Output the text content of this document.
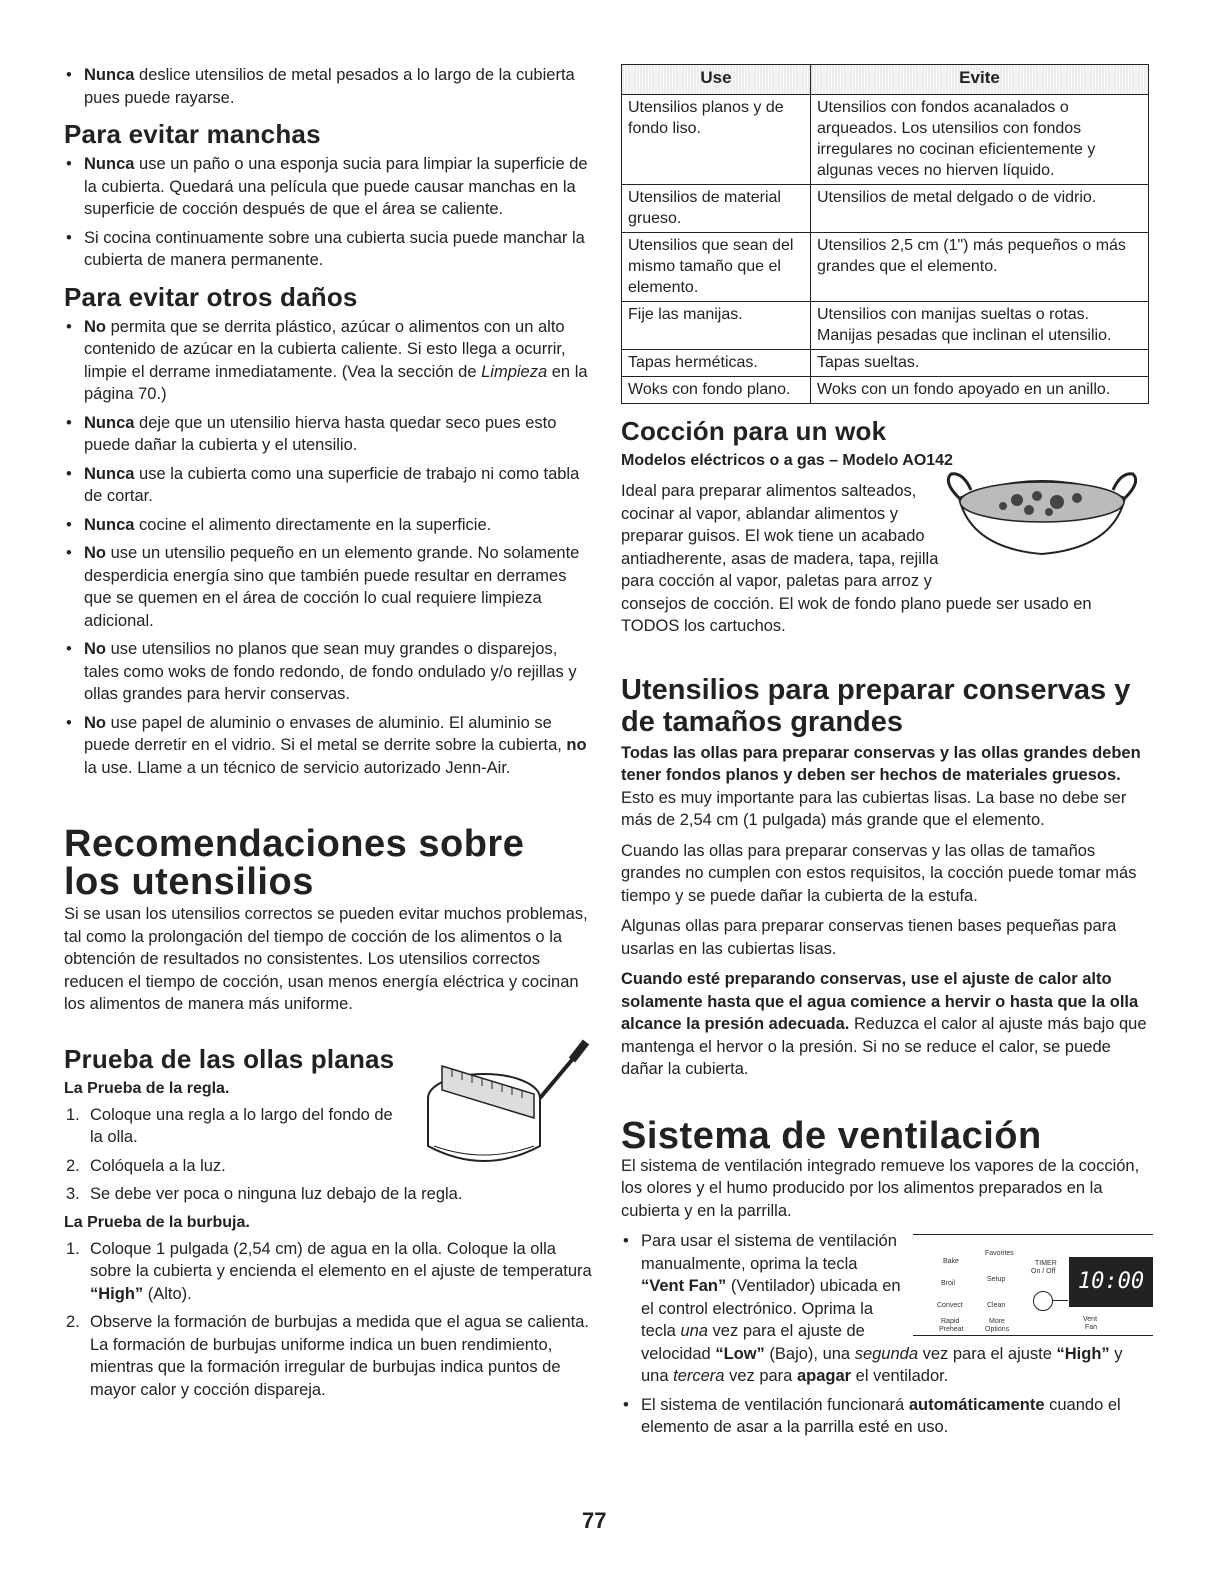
• Nunca deslice utensilios de metal pesados a lo largo de la cubierta pues puede rayarse.
Para evitar manchas
• Nunca use un paño o una esponja sucia para limpiar la superficie de la cubierta. Quedará una película que puede causar manchas en la superficie de cocción después de que el área se caliente.
• Si cocina continuamente sobre una cubierta sucia puede manchar la cubierta de manera permanente.
Para evitar otros daños
• No permita que se derrita plástico, azúcar o alimentos con un alto contenido de azúcar en la cubierta caliente. Si esto llega a ocurrir, limpie el derrame inmediatamente. (Vea la sección de Limpieza en la página 70.)
• Nunca deje que un utensilio hierva hasta quedar seco pues esto puede dañar la cubierta y el utensilio.
• Nunca use la cubierta como una superficie de trabajo ni como tabla de cortar.
• Nunca cocine el alimento directamente en la superficie.
• No use un utensilio pequeño en un elemento grande. No solamente desperdicia energía sino que también puede resultar en derrames que se quemen en el área de cocción lo cual requiere limpieza adicional.
• No use utensilios no planos que sean muy grandes o disparejos, tales como woks de fondo redondo, de fondo ondulado y/o rejillas y ollas grandes para hervir conservas.
• No use papel de aluminio o envases de aluminio. El aluminio se puede derretir en el vidrio. Si el metal se derrite sobre la cubierta, no la use. Llame a un técnico de servicio autorizado Jenn-Air.
Recomendaciones sobre
los utensilios

Si se usan los utensilios correctos se pueden evitar muchos problemas, tal como la prolongación del tiempo de cocción de los alimentos o la obtención de resultados no consistentes. Los utensilios correctos reducen el tiempo de cocción, usan menos energía eléctrica y cocinan los alimentos de manera más uniforme.

Prueba de las ollas planas
La Prueba de la regla.
1. Coloque una regla a lo largo del fondo de la olla.
2. Colóquela a la luz.
3. Se debe ver poca o ninguna luz debajo de la regla.
La Prueba de la burbuja.
1. Coloque 1 pulgada (2,54 cm) de agua en la olla. Coloque la olla sobre la cubierta y encienda el elemento en el ajuste de temperatura “High” (Alto).
2. Observe la formación de burbujas a medida que el agua se calienta. La formación de burbujas uniforme indica un buen rendimiento, mientras que la formación irregular de burbujas indica puntos de mayor calor y cocción dispareja.
Use	Evite
Utensilios planos y de fondo liso.	Utensilios con fondos acanalados o arqueados. Los utensilios con fondos irregulares no cocinan eficientemente y algunas veces no hierven líquido.
Utensilios de material grueso.	Utensilios de metal delgado o de vidrio.
Utensilios que sean del mismo tamaño que el elemento.	Utensilios 2,5 cm (1") más pequeños o más grandes que el elemento.
Fije las manijas.	Utensilios con manijas sueltas o rotas. Manijas pesadas que inclinan el utensilio.
Tapas herméticas.	Tapas sueltas.
Woks con fondo plano.	Woks con un fondo apoyado en un anillo.
Cocción para un wok
Modelos eléctricos o a gas – Modelo AO142

Ideal para preparar alimentos salteados, cocinar al vapor, ablandar alimentos y preparar guisos. El wok tiene un acabado antiadherente, asas de madera, tapa, rejilla para cocción al vapor, paletas para arroz y consejos de cocción. El wok de fondo plano puede ser usado en TODOS los cartuchos.

Utensilios para preparar conservas y
de tamaños grandes

Todas las ollas para preparar conservas y las ollas grandes deben tener fondos planos y deben ser hechos de materiales gruesos. Esto es muy importante para las cubiertas lisas. La base no debe ser más de 2,54 cm (1 pulgada) más grande que el elemento.

Cuando las ollas para preparar conservas y las ollas de tamaños grandes no cumplen con estos requisitos, la cocción puede tomar más tiempo y se puede dañar la cubierta de la estufa.

Algunas ollas para preparar conservas tienen bases pequeñas para usarlas en las cubiertas lisas.

Cuando esté preparando conservas, use el ajuste de calor alto solamente hasta que el agua comience a hervir o hasta que la olla alcance la presión adecuada. Reduzca el calor al ajuste más bajo que mantenga el hervor o la presión. Si no se reduce el calor, se puede dañar la cubierta.

Sistema de ventilación

El sistema de ventilación integrado remueve los vapores de la cocción, los olores y el humo producido por los alimentos preparados en la cubierta y en la parrilla.

Bake
Broil
Convect
Rapid
Preheat
Favorites
Setup
Clean
More
Options
TIMER
On / Off
Vent
Fan
10:00
• Para usar el sistema de ventilación manualmente, oprima la tecla “Vent Fan” (Ventilador) ubicada en el control electrónico. Oprima la tecla una vez para el ajuste de velocidad “Low” (Bajo), una segunda vez para el ajuste “High” y una tercera vez para apagar el ventilador.
• El sistema de ventilación funcionará automáticamente cuando el elemento de asar a la parrilla esté en uso.
77
